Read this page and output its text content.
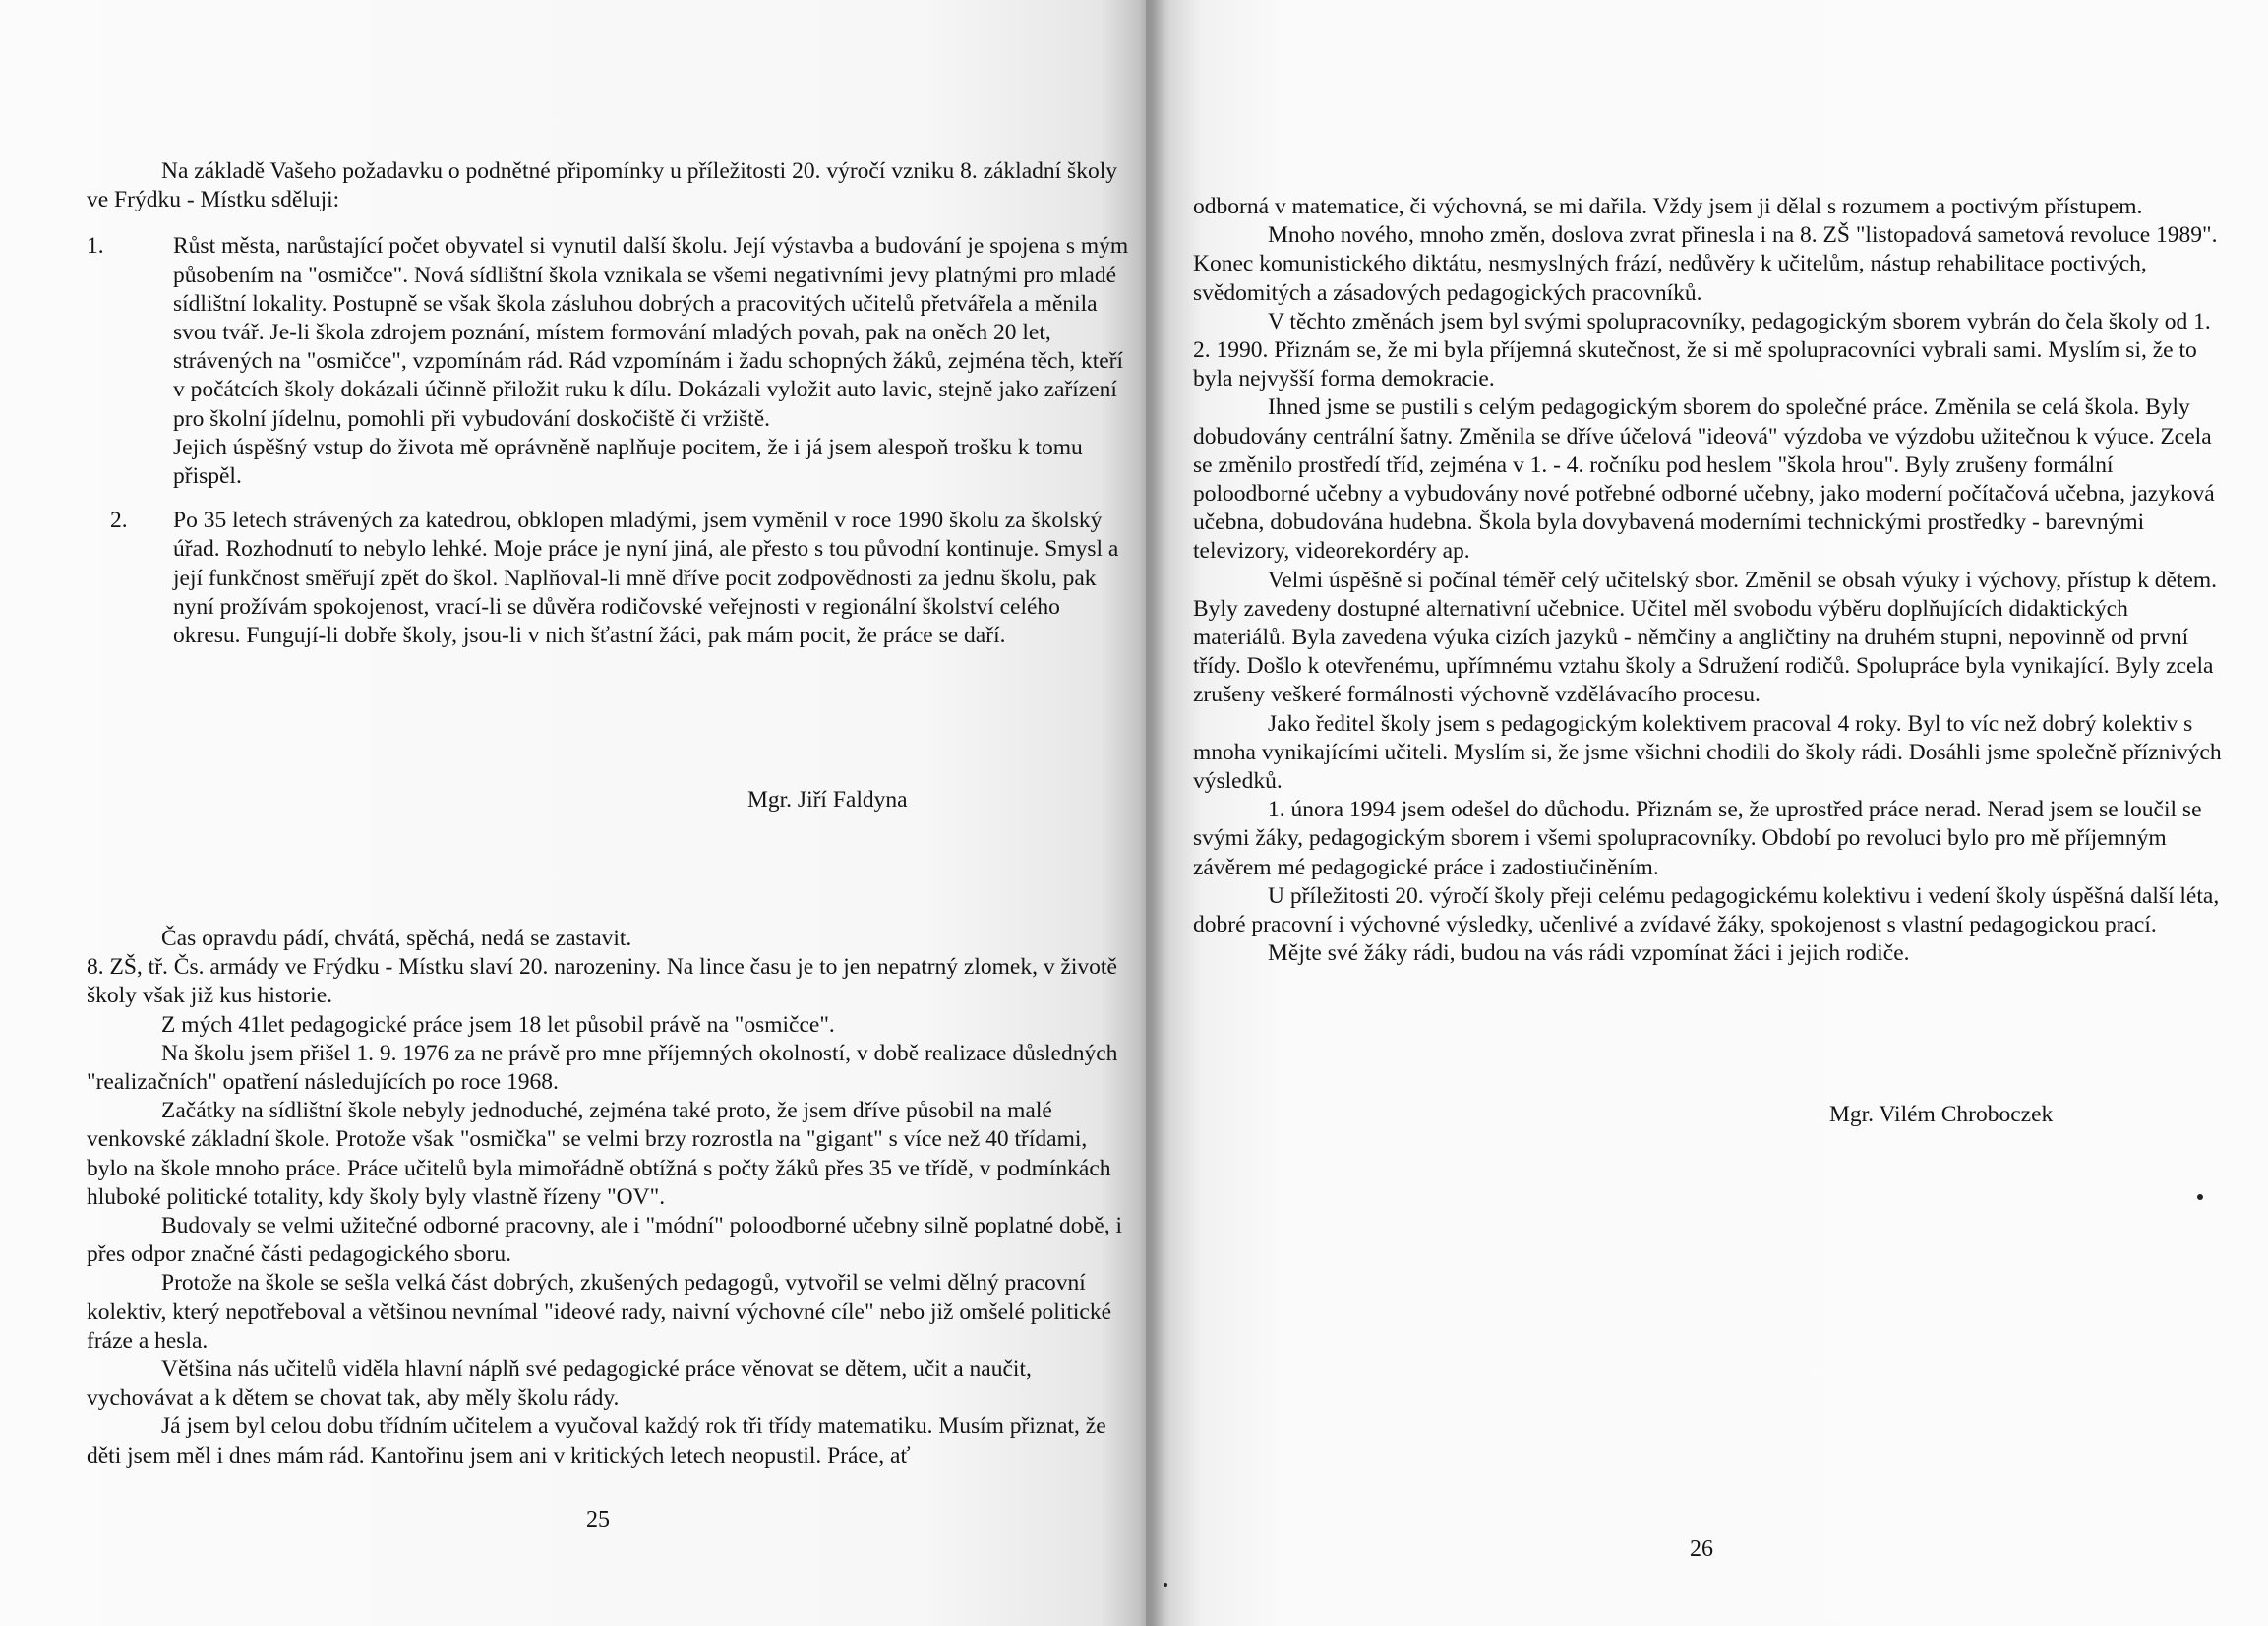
Na základě Vašeho požadavku o podnětné připomínky u příležitosti 20. výročí vzniku 8. základní školy ve Frýdku - Místku sděluji:

1.	Růst města, narůstající počet obyvatel si vynutil další školu. Její výstavba a budování je spojena s mým působením na "osmičce". Nová sídlištní škola vznikala se všemi negativními jevy platnými pro mladé sídlištní lokality. Postupně se však škola zásluhou dobrých a pracovitých učitelů přetvářela a měnila svou tvář. Je-li škola zdrojem poznání, místem formování mladých povah, pak na oněch 20 let, strávených na "osmičce", vzpomínám rád. Rád vzpomínám i žadu schopných žáků, zejména těch, kteří v počátcích školy dokázali účinně přiložit ruku k dílu. Dokázali vyložit auto lavic, stejně jako zařízení pro školní jídelnu, pomohli při vybudování doskočiště či vržiště.

Jejich úspěšný vstup do života mě oprávněně naplňuje pocitem, že i já jsem alespoň trošku k tomu přispěl.

2. Po 35 letech strávených za katedrou, obklopen mladými, jsem vyměnil v roce 1990 školu za školský úřad. Rozhodnutí to nebylo lehké. Moje práce je nyní jiná, ale přesto s tou původní kontinuje. Smysl a její funkčnost směřují zpět do škol. Naplňoval-li mně dříve pocit zodpovědnosti za jednu školu, pak nyní prožívám spokojenost, vrací-li se důvěra rodičovské veřejnosti v regionální školství celého okresu. Fungují-li dobře školy, jsou-li v nich šťastní žáci, pak mám pocit, že práce se daří.

Mgr. Jiří Faldyna

Čas opravdu pádí, chvátá, spěchá, nedá se zastavit.

8. ZŠ, tř. Čs. armády ve Frýdku - Místku slaví 20. narozeniny. Na lince času je to jen nepatrný zlomek, v životě školy však již kus historie.

Z mých 41let pedagogické práce jsem 18 let působil právě na "osmičce".

Na školu jsem přišel 1. 9. 1976 za ne právě pro mne příjemných okolností, v době realizace důsledných "realizačních" opatření následujících po roce 1968.

Začátky na sídlištní škole nebyly jednoduché, zejména také proto, že jsem dříve působil na malé venkovské základní škole. Protože však "osmička" se velmi brzy rozrostla na "gigant" s více než 40 třídami, bylo na škole mnoho práce. Práce učitelů byla mimořádně obtížná s počty žáků přes 35 ve třídě, v podmínkách hluboké politické totality, kdy školy byly vlastně řízeny "OV".

Budovaly se velmi užitečné odborné pracovny, ale i "módní" poloodborné učebny silně poplatné době, i přes odpor značné části pedagogického sboru.

Protože na škole se sešla velká část dobrých, zkušených pedagogů, vytvořil se velmi dělný pracovní kolektiv, který nepotřeboval a většinou nevnímal "ideové rady, naivní výchovné cíle" nebo již omšelé politické fráze a hesla.

Většina nás učitelů viděla hlavní náplň své pedagogické práce věnovat se dětem, učit a naučit, vychovávat a k dětem se chovat tak, aby měly školu rády.

Já jsem byl celou dobu třídním učitelem a vyučoval každý rok tři třídy matematiku. Musím přiznat, že děti jsem měl i dnes mám rád. Kantořinu jsem ani v kritických letech neopustil. Práce, ať

25

odborná v matematice, či výchovná, se mi dařila. Vždy jsem ji dělal s rozumem a poctivým přístupem.

Mnoho nového, mnoho změn, doslova zvrat přinesla i na 8. ZŠ "listopadová sametová revoluce 1989". Konec komunistického diktátu, nesmyslných frází, nedůvěry k učitelům, nástup rehabilitace poctivých, svědomitých a zásadových pedagogických pracovníků.

V těchto změnách jsem byl svými spolupracovníky, pedagogickým sborem vybrán do čela školy od 1. 2. 1990. Přiznám se, že mi byla příjemná skutečnost, že si mě spolupracovníci vybrali sami. Myslím si, že to byla nejvyšší forma demokracie.

Ihned jsme se pustili s celým pedagogickým sborem do společné práce. Změnila se celá škola. Byly dobudovány centrální šatny. Změnila se dříve účelová "ideová" výzdoba ve výzdobu užitečnou k výuce. Zcela se změnilo prostředí tříd, zejména v 1. - 4. ročníku pod heslem "škola hrou". Byly zrušeny formální poloodborné učebny a vybudovány nové potřebné odborné učebny, jako moderní počítačová učebna, jazyková učebna, dobudována hudebna. Škola byla dovybavená moderními technickými prostředky - barevnými televizory, videorekordéry ap.

Velmi úspěšně si počínal téměř celý učitelský sbor. Změnil se obsah výuky i výchovy, přístup k dětem. Byly zavedeny dostupné alternativní učebnice. Učitel měl svobodu výběru doplňujících didaktických materiálů. Byla zavedena výuka cizích jazyků - němčiny a angličtiny na druhém stupni, nepovinně od první třídy. Došlo k otevřenému, upřímnému vztahu školy a Sdružení rodičů. Spolupráce byla vynikající. Byly zcela zrušeny veškeré formálnosti výchovně vzdělávacího procesu.

Jako ředitel školy jsem s pedagogickým kolektivem pracoval 4 roky. Byl to víc než dobrý kolektiv s mnoha vynikajícími učiteli. Myslím si, že jsme všichni chodili do školy rádi. Dosáhli jsme společně příznivých výsledků.

1. února 1994 jsem odešel do důchodu. Přiznám se, že uprostřed práce nerad. Nerad jsem se loučil se svými žáky, pedagogickým sborem i všemi spolupracovníky. Období po revoluci bylo pro mě příjemným závěrem mé pedagogické práce i zadostiučiněním.

U příležitosti 20. výročí školy přeji celému pedagogickému kolektivu i vedení školy úspěšná další léta, dobré pracovní i výchovné výsledky, učenlivé a zvídavé žáky, spokojenost s vlastní pedagogickou prací.

Mějte své žáky rádi, budou na vás rádi vzpomínat žáci i jejich rodiče.

Mgr. Vilém Chroboczek
26
